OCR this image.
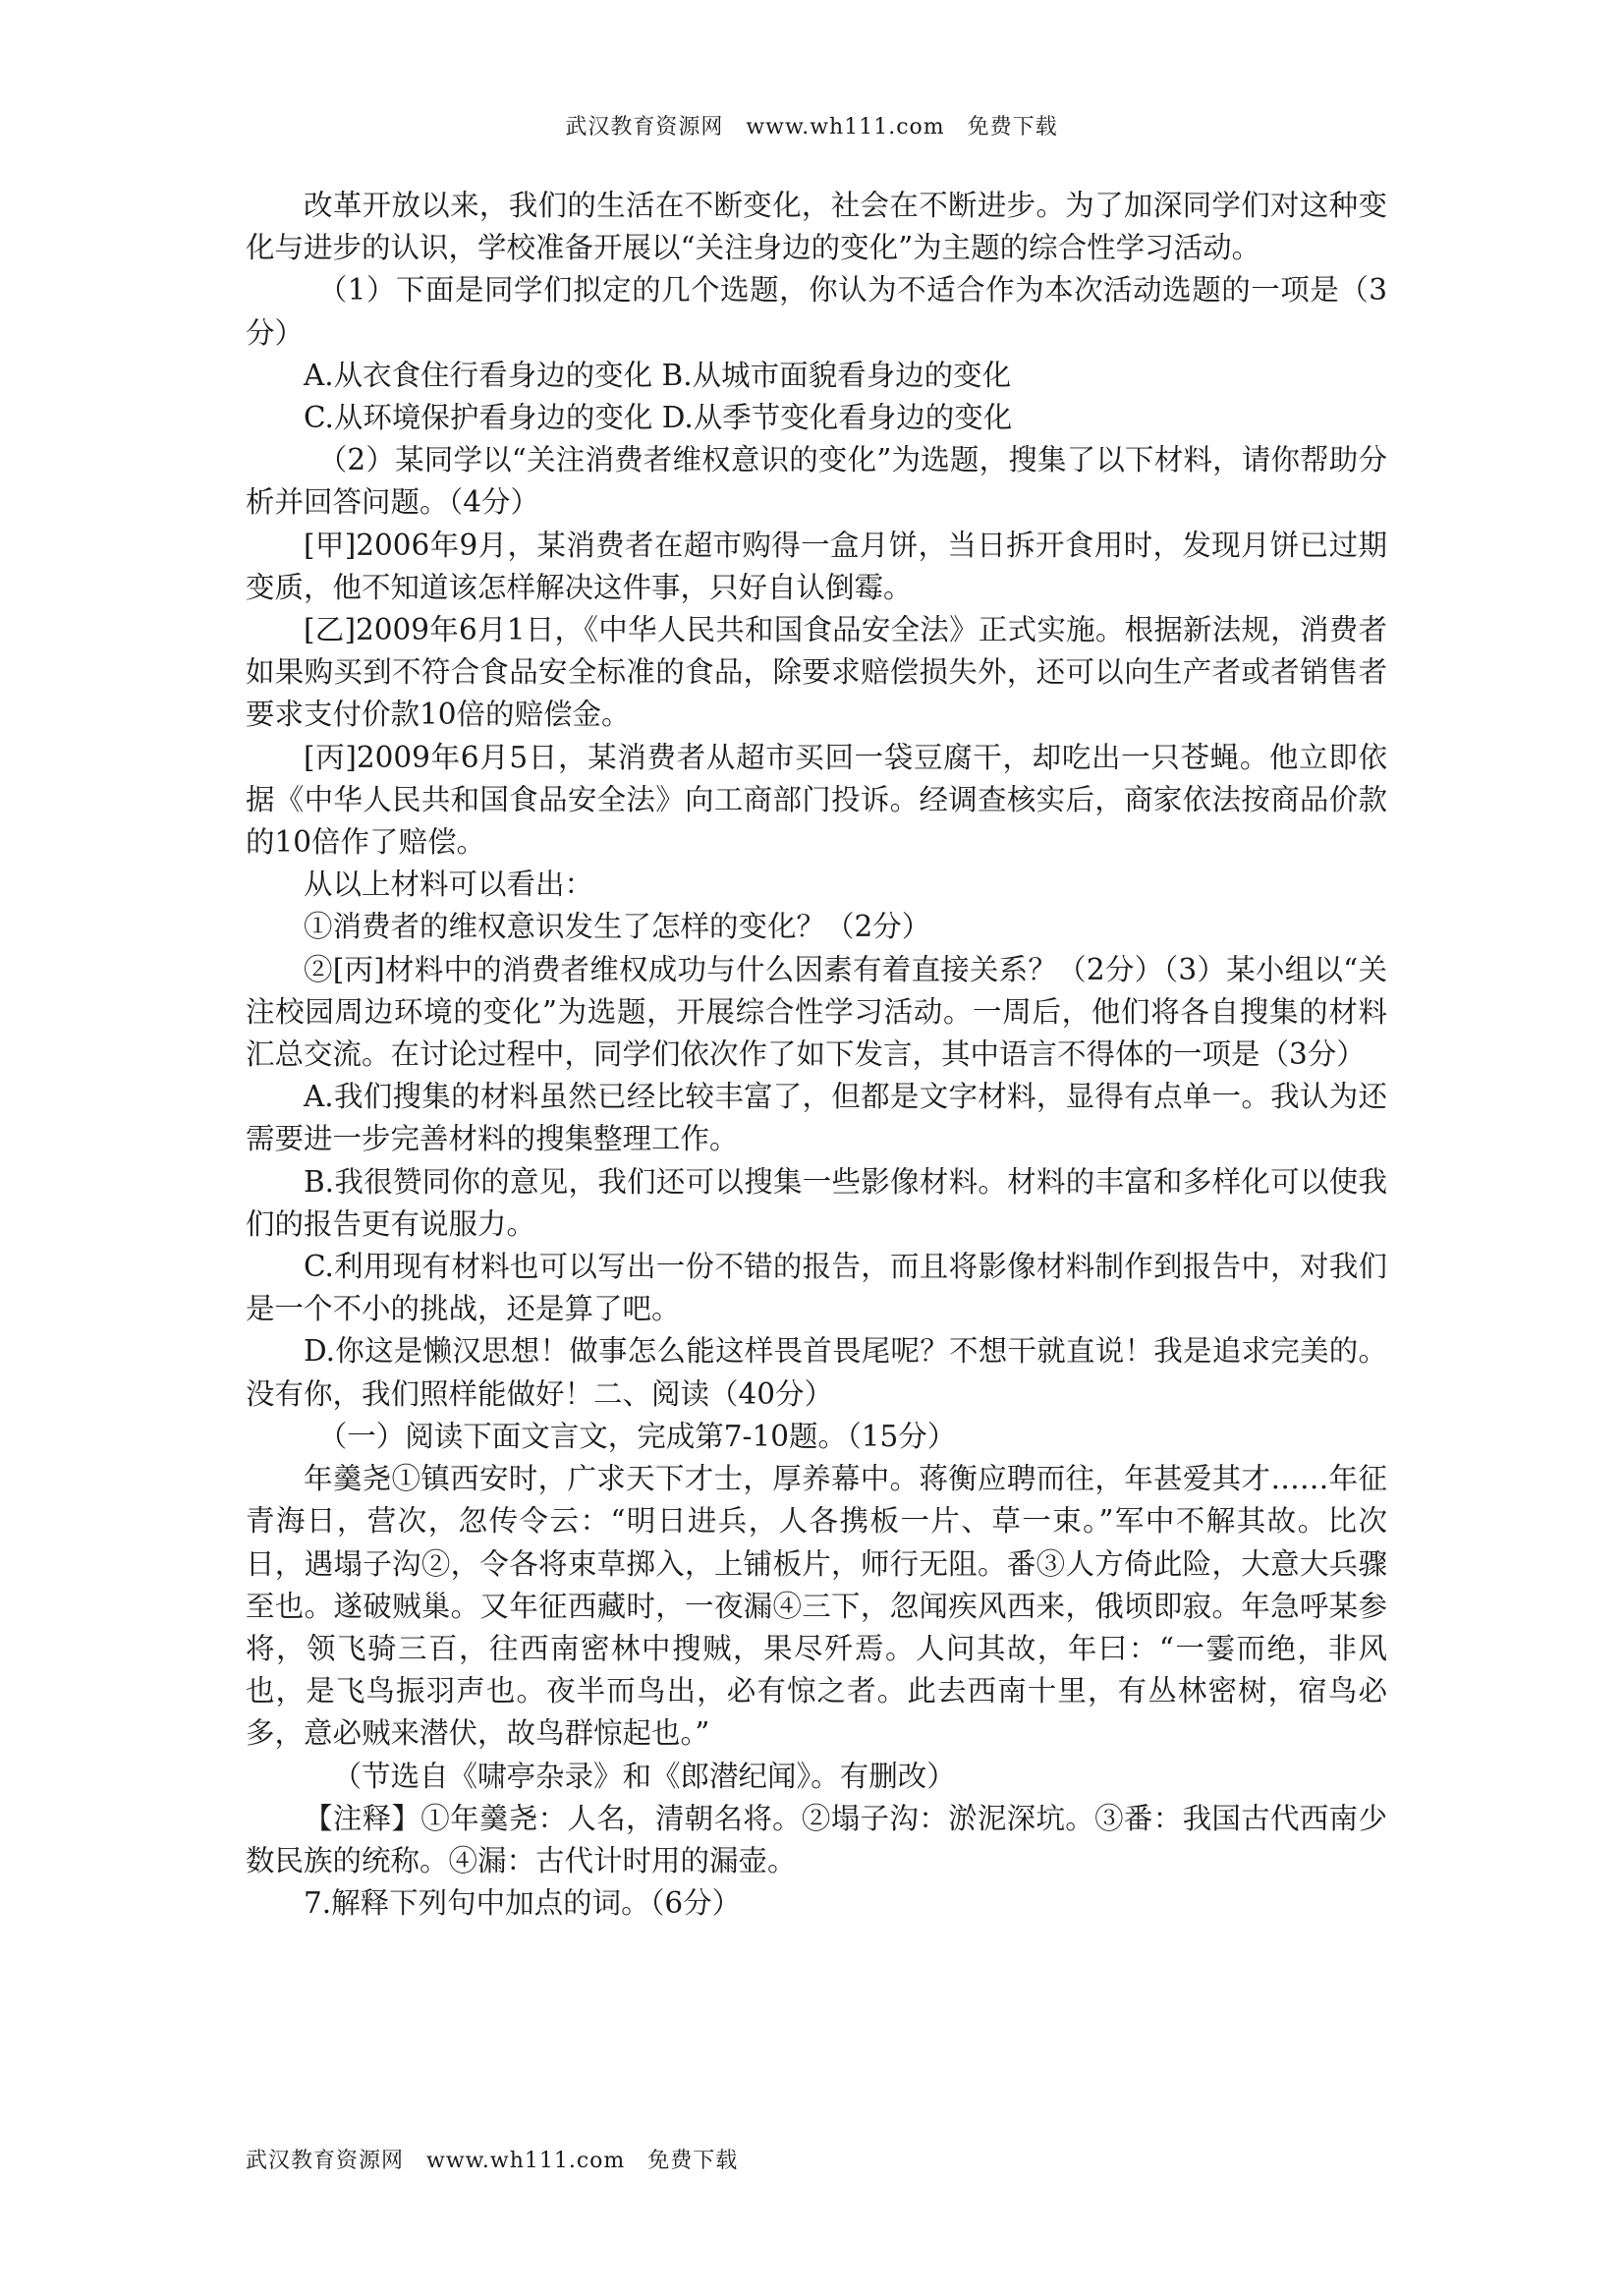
武汉教育资源网　www.wh111.com　免费下载

改革开放以来，我们的生活在不断变化，社会在不断进步。为了加深同学们对这种变化与进步的认识，学校准备开展以“关注身边的变化”为主题的综合性学习活动。

（1）下面是同学们拟定的几个选题，你认为不适合作为本次活动选题的一项是（3分）

A.从衣食住行看身边的变化 B.从城市面貌看身边的变化

C.从环境保护看身边的变化 D.从季节变化看身边的变化

（2）某同学以“关注消费者维权意识的变化”为选题，搜集了以下材料，请你帮助分析并回答问题。（4分）

[甲]2006年9月，某消费者在超市购得一盒月饼，当日拆开食用时，发现月饼已过期变质，他不知道该怎样解决这件事，只好自认倒霉。

[乙]2009年6月1日，《中华人民共和国食品安全法》正式实施。根据新法规，消费者如果购买到不符合食品安全标准的食品，除要求赔偿损失外，还可以向生产者或者销售者要求支付价款10倍的赔偿金。

[丙]2009年6月5日，某消费者从超市买回一袋豆腐干，却吃出一只苍蝇。他立即依据《中华人民共和国食品安全法》向工商部门投诉。经调查核实后，商家依法按商品价款的10倍作了赔偿。

从以上材料可以看出：

①消费者的维权意识发生了怎样的变化？（2分）

②[丙]材料中的消费者维权成功与什么因素有着直接关系？（2分）（3）某小组以“关注校园周边环境的变化”为选题，开展综合性学习活动。一周后，他们将各自搜集的材料汇总交流。在讨论过程中，同学们依次作了如下发言，其中语言不得体的一项是（3分）

A.我们搜集的材料虽然已经比较丰富了，但都是文字材料，显得有点单一。我认为还需要进一步完善材料的搜集整理工作。

B.我很赞同你的意见，我们还可以搜集一些影像材料。材料的丰富和多样化可以使我们的报告更有说服力。

C.利用现有材料也可以写出一份不错的报告，而且将影像材料制作到报告中，对我们是一个不小的挑战，还是算了吧。

D.你这是懒汉思想！做事怎么能这样畏首畏尾呢？不想干就直说！我是追求完美的。没有你，我们照样能做好！二、阅读（40分）

（一）阅读下面文言文，完成第7-10题。（15分）

年羹尧①镇西安时，广求天下才士，厚养幕中。蒋衡应聘而往，年甚爱其才……年征青海日，营次，忽传令云：“明日进兵，人各携板一片、草一束。”军中不解其故。比次日，遇塌子沟②，令各将束草掷入，上铺板片，师行无阻。番③人方倚此险，大意大兵骤至也。遂破贼巢。又年征西藏时，一夜漏④三下，忽闻疾风西来，俄顷即寂。年急呼某参将，领飞骑三百，往西南密林中搜贼，果尽歼焉。人问其故，年曰：“一霎而绝，非风也，是飞鸟振羽声也。夜半而鸟出，必有惊之者。此去西南十里，有丛林密树，宿鸟必多，意必贼来潜伏，故鸟群惊起也。”

（节选自《啸亭杂录》和《郎潜纪闻》。有删改）

【注释】①年羹尧：人名，清朝名将。②塌子沟：淤泥深坑。③番：我国古代西南少数民族的统称。④漏：古代计时用的漏壶。

7.解释下列句中加点的词。（6分）

武汉教育资源网　www.wh111.com　免费下载
